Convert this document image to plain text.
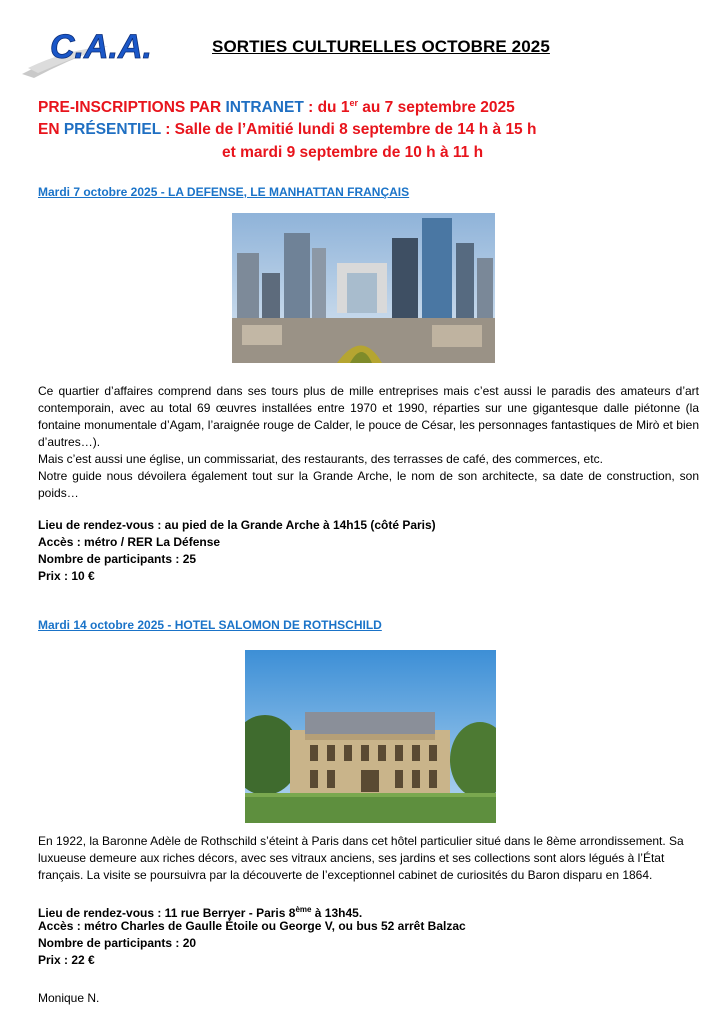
C.A.A.	SORTIES CULTURELLES OCTOBRE 2025
PRE-INSCRIPTIONS PAR INTRANET : du 1er au 7 septembre 2025
EN PRÉSENTIEL : Salle de l’Amitié lundi 8 septembre de 14 h à 15 h
et mardi 9 septembre de 10 h à 11 h
Mardi 7 octobre 2025 - LA DEFENSE, LE MANHATTAN FRANÇAIS

Ce quartier d’affaires comprend dans ses tours plus de mille entreprises mais c’est aussi le paradis des amateurs d’art contemporain, avec au total 69 œuvres installées entre 1970 et 1990, réparties sur une gigantesque dalle piétonne (la fontaine monumentale d’Agam, l’araignée rouge de Calder, le pouce de César, les personnages fantastiques de Mirò et bien d’autres…).

Mais c’est aussi une église, un commissariat, des restaurants, des terrasses de café, des commerces, etc.

Notre guide nous dévoilera également tout sur la Grande Arche, le nom de son architecte, sa date de construction, son poids…

Lieu de rendez-vous : au pied de la Grande Arche à 14h15 (côté Paris)
Accès : métro / RER La Défense
Nombre de participants : 25
Prix : 10 €
Mardi 14 octobre 2025 - HOTEL SALOMON DE ROTHSCHILD

En 1922, la Baronne Adèle de Rothschild s’éteint à Paris dans cet hôtel particulier situé dans le 8ème arrondissement. Sa luxueuse demeure aux riches décors, avec ses vitraux anciens, ses jardins et ses collections sont alors légués à l’État français. La visite se poursuivra par la découverte de l’exceptionnel cabinet de curiosités du Baron disparu en 1864.

Lieu de rendez-vous : 11 rue Berryer - Paris 8ème à 13h45.
Accès : métro Charles de Gaulle Étoile ou George V, ou bus 52 arrêt Balzac
Nombre de participants : 20
Prix : 22 €
Monique N.
